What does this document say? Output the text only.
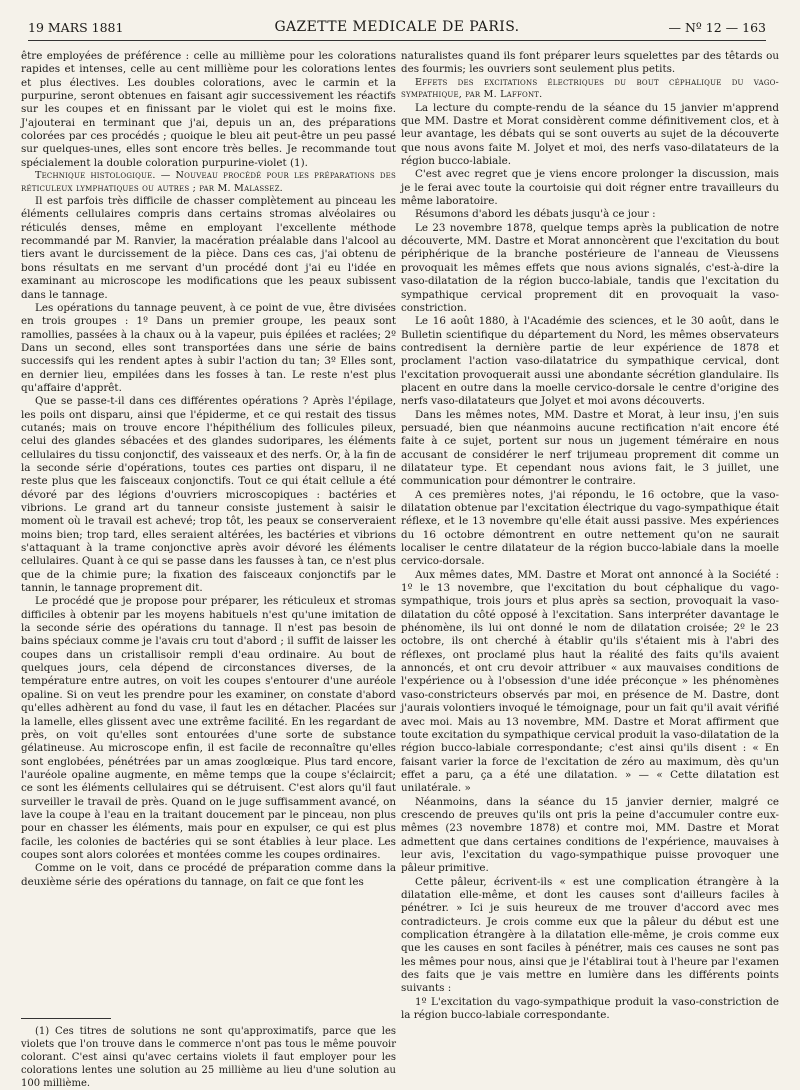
19 MARS 1881	GAZETTE MEDICALE DE PARIS.	— Nº 12 — 163

être employées de préférence : celle au millième pour les colorations rapides et intenses, celle au cent millième pour les colorations lentes et plus électives. Les doubles colorations, avec le carmin et la purpurine, seront obtenues en faisant agir successivement les réactifs sur les coupes et en finissant par le violet qui est le moins fixe. J'ajouterai en terminant que j'ai, depuis un an, des préparations colorées par ces procédés ; quoique le bleu ait peut-être un peu passé sur quelques-unes, elles sont encore très belles. Je recommande tout spécialement la double coloration purpurine-violet (1).

Technique histologique. — Nouveau procédé pour les préparations des réticuleux lymphatiques ou autres ; par M. Malassez.

Il est parfois très difficile de chasser complètement au pinceau les éléments cellulaires compris dans certains stromas alvéolaires ou réticulés denses, même en employant l'excellente méthode recommandé par M. Ranvier, la macération préalable dans l'alcool au tiers avant le durcissement de la pièce. Dans ces cas, j'ai obtenu de bons résultats en me servant d'un procédé dont j'ai eu l'idée en examinant au microscope les modifications que les peaux subissent dans le tannage.

Les opérations du tannage peuvent, à ce point de vue, être divisées en trois groupes : 1º Dans un premier groupe, les peaux sont ramollies, passées à la chaux ou à la vapeur, puis épilées et raclées; 2º Dans un second, elles sont transportées dans une série de bains successifs qui les rendent aptes à subir l'action du tan; 3º Elles sont, en dernier lieu, empilées dans les fosses à tan. Le reste n'est plus qu'affaire d'apprêt.

Que se passe-t-il dans ces différentes opérations ? Après l'épilage, les poils ont disparu, ainsi que l'épiderme, et ce qui restait des tissus cutanés; mais on trouve encore l'hépithélium des follicules pileux, celui des glandes sébacées et des glandes sudoripares, les éléments cellulaires du tissu conjonctif, des vaisseaux et des nerfs. Or, à la fin de la seconde série d'opérations, toutes ces parties ont disparu, il ne reste plus que les faisceaux conjonctifs. Tout ce qui était cellule a été dévoré par des légions d'ouvriers microscopiques : bactéries et vibrions. Le grand art du tanneur consiste justement à saisir le moment où le travail est achevé; trop tôt, les peaux se conserveraient moins bien; trop tard, elles seraient altérées, les bactéries et vibrions s'attaquant à la trame conjonctive après avoir dévoré les éléments cellulaires. Quant à ce qui se passe dans les fausses à tan, ce n'est plus que de la chimie pure; la fixation des faisceaux conjonctifs par le tannin, le tannage proprement dit.

Le procédé que je propose pour préparer, les réticuleux et stromas difficiles à obtenir par les moyens habituels n'est qu'une imitation de la seconde série des opérations du tannage. Il n'est pas besoin de bains spéciaux comme je l'avais cru tout d'abord ; il suffit de laisser les coupes dans un cristallisoir rempli d'eau ordinaire. Au bout de quelques jours, cela dépend de circonstances diverses, de la température entre autres, on voit les coupes s'entourer d'une auréole opaline. Si on veut les prendre pour les examiner, on constate d'abord qu'elles adhèrent au fond du vase, il faut les en détacher. Placées sur la lamelle, elles glissent avec une extrême facilité. En les regardant de près, on voit qu'elles sont entourées d'une sorte de substance gélatineuse. Au microscope enfin, il est facile de reconnaître qu'elles sont englobées, pénétrées par un amas zooglœique. Plus tard encore, l'auréole opaline augmente, en même temps que la coupe s'éclaircit; ce sont les éléments cellulaires qui se détruisent. C'est alors qu'il faut surveiller le travail de près. Quand on le juge suffisamment avancé, on lave la coupe à l'eau en la traitant doucement par le pinceau, non plus pour en chasser les éléments, mais pour en expulser, ce qui est plus facile, les colonies de bactéries qui se sont établies à leur place. Les coupes sont alors colorées et montées comme les coupes ordinaires.

Comme on le voit, dans ce procédé de préparation comme dans la deuxième série des opérations du tannage, on fait ce que font les

(1) Ces titres de solutions ne sont qu'approximatifs, parce que les violets que l'on trouve dans le commerce n'ont pas tous le même pouvoir colorant. C'est ainsi qu'avec certains violets il faut employer pour les colorations lentes une solution au 25 millième au lieu d'une solution au 100 millième.

naturalistes quand ils font préparer leurs squelettes par des têtards ou des fourmis; les ouvriers sont seulement plus petits.

Effets des excitations électriques du bout céphalique du vago-sympathique, par M. Laffont.

La lecture du compte-rendu de la séance du 15 janvier m'apprend que MM. Dastre et Morat considèrent comme définitivement clos, et à leur avantage, les débats qui se sont ouverts au sujet de la découverte que nous avons faite M. Jolyet et moi, des nerfs vaso-dilatateurs de la région bucco-labiale.

C'est avec regret que je viens encore prolonger la discussion, mais je le ferai avec toute la courtoisie qui doit régner entre travailleurs du même laboratoire.

Résumons d'abord les débats jusqu'à ce jour :

Le 23 novembre 1878, quelque temps après la publication de notre découverte, MM. Dastre et Morat annoncèrent que l'excitation du bout périphérique de la branche postérieure de l'anneau de Vieussens provoquait les mêmes effets que nous avions signalés, c'est-à-dire la vaso-dilatation de la région bucco-labiale, tandis que l'excitation du sympathique cervical proprement dit en provoquait la vaso-constriction.

Le 16 août 1880, à l'Académie des sciences, et le 30 août, dans le Bulletin scientifique du département du Nord, les mêmes observateurs contredisent la dernière partie de leur expérience de 1878 et proclament l'action vaso-dilatatrice du sympathique cervical, dont l'excitation provoquerait aussi une abondante sécrétion glandulaire. Ils placent en outre dans la moelle cervico-dorsale le centre d'origine des nerfs vaso-dilatateurs que Jolyet et moi avons découverts.

Dans les mêmes notes, MM. Dastre et Morat, à leur insu, j'en suis persuadé, bien que néanmoins aucune rectification n'ait encore été faite à ce sujet, portent sur nous un jugement téméraire en nous accusant de considérer le nerf trijumeau proprement dit comme un dilatateur type. Et cependant nous avions fait, le 3 juillet, une communication pour démontrer le contraire.

A ces premières notes, j'ai répondu, le 16 octobre, que la vaso-dilatation obtenue par l'excitation électrique du vago-sympathique était réflexe, et le 13 novembre qu'elle était aussi passive. Mes expériences du 16 octobre démontrent en outre nettement qu'on ne saurait localiser le centre dilatateur de la région bucco-labiale dans la moelle cervico-dorsale.

Aux mêmes dates, MM. Dastre et Morat ont annoncé à la Société : 1º le 13 novembre, que l'excitation du bout céphalique du vago-sympathique, trois jours et plus après sa section, provoquait la vaso-dilatation du côté opposé à l'excitation. Sans interpréter davantage le phénomène, ils lui ont donné le nom de dilatation croisée; 2º le 23 octobre, ils ont cherché à établir qu'ils s'étaient mis à l'abri des réflexes, ont proclamé plus haut la réalité des faits qu'ils avaient annoncés, et ont cru devoir attribuer « aux mauvaises conditions de l'expérience ou à l'obsession d'une idée préconçue » les phénomènes vaso-constricteurs observés par moi, en présence de M. Dastre, dont j'aurais volontiers invoqué le témoignage, pour un fait qu'il avait vérifié avec moi. Mais au 13 novembre, MM. Dastre et Morat affirment que toute excitation du sympathique cervical produit la vaso-dilatation de la région bucco-labiale correspondante; c'est ainsi qu'ils disent : « En faisant varier la force de l'excitation de zéro au maximum, dès qu'un effet a paru, ça a été une dilatation. » — « Cette dilatation est unilatérale. »

Néanmoins, dans la séance du 15 janvier dernier, malgré ce crescendo de preuves qu'ils ont pris la peine d'accumuler contre eux-mêmes (23 novembre 1878) et contre moi, MM. Dastre et Morat admettent que dans certaines conditions de l'expérience, mauvaises à leur avis, l'excitation du vago-sympathique puisse provoquer une pâleur primitive.

Cette pâleur, écrivent-ils « est une complication étrangère à la dilatation elle-même, et dont les causes sont d'ailleurs faciles à pénétrer. » Ici je suis heureux de me trouver d'accord avec mes contradicteurs. Je crois comme eux que la pâleur du début est une complication étrangère à la dilatation elle-même, je crois comme eux que les causes en sont faciles à pénétrer, mais ces causes ne sont pas les mêmes pour nous, ainsi que je l'établirai tout à l'heure par l'examen des faits que je vais mettre en lumière dans les différents points suivants :

1º L'excitation du vago-sympathique produit la vaso-constriction de la région bucco-labiale correspondante.
